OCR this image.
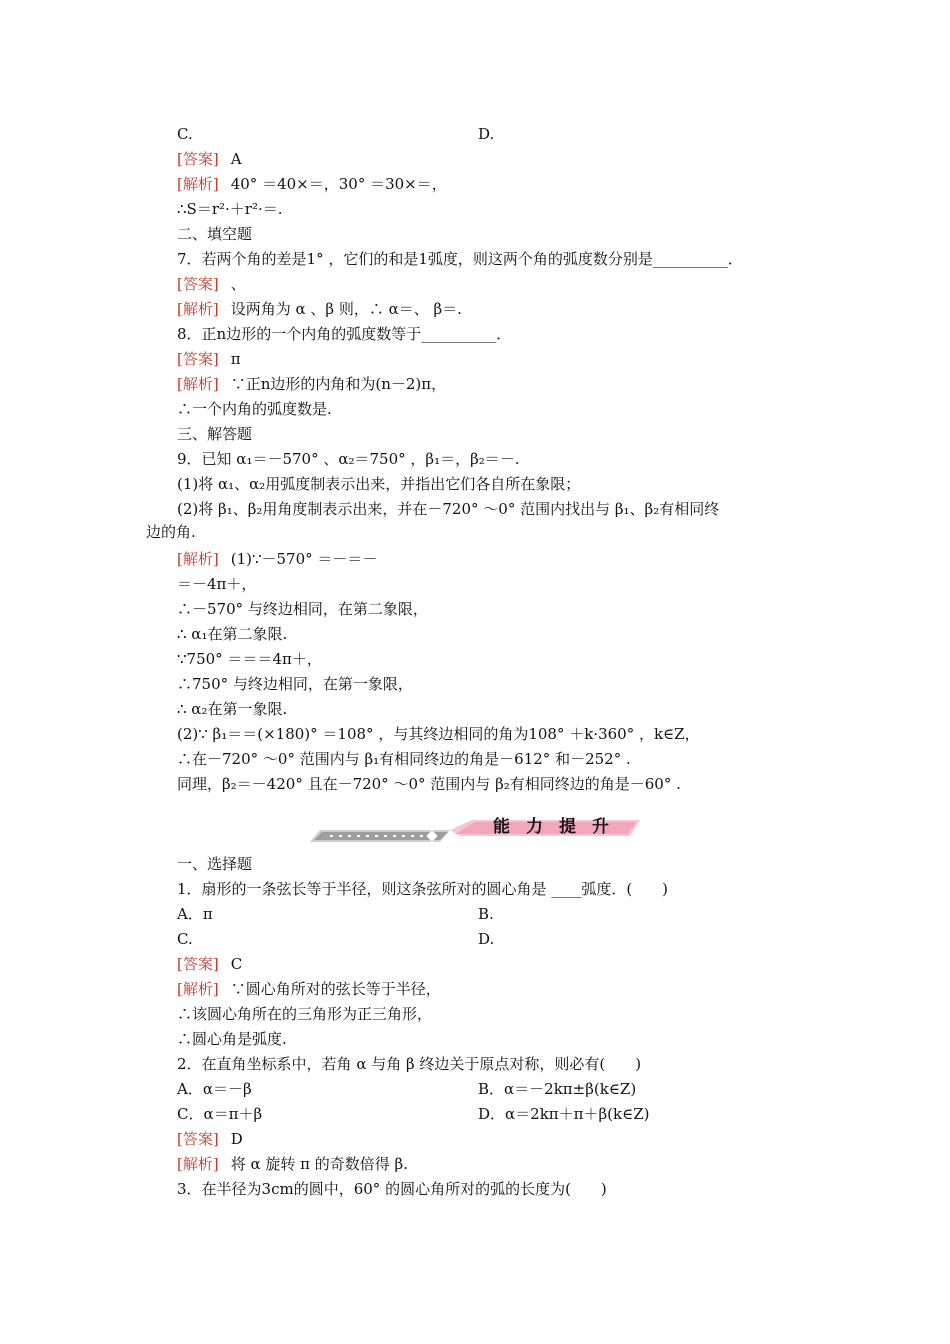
C.	D.
[答案] A
[解析] 40° ＝40×＝，30° ＝30×＝，
∴S＝r²·＋r²·＝.
二、填空题
7．若两个角的差是1° ，它们的和是1弧度，则这两个角的弧度数分别是__________．
[答案] 、
[解析] 设两角为 α 、β 则，∴ α＝、 β＝.
8．正n边形的一个内角的弧度数等于__________．
[答案] π
[解析] ∵正n边形的内角和为(n－2)π，
∴一个内角的弧度数是.
三、解答题
9．已知 α₁＝－570° 、α₂＝750° ，β₁＝，β₂＝－.
(1)将 α₁、α₂用弧度制表示出来，并指出它们各自所在象限；
(2)将 β₁、β₂用角度制表示出来，并在－720° ～0° 范围内找出与 β₁、β₂有相同终
边的角.
[解析] (1)∵－570° ＝－＝－
＝－4π＋，
∴－570° 与终边相同，在第二象限，
∴ α₁在第二象限.
∵750° ＝＝＝4π＋，
∴750° 与终边相同，在第一象限，
∴ α₂在第一象限.
(2)∵ β₁＝＝(×180)° ＝108° ，与其终边相同的角为108° ＋k·360° ，k∈Z，
∴在－720° ～0° 范围内与 β₁有相同终边的角是－612° 和－252° .
同理，β₂＝－420° 且在－720° ～0° 范围内与 β₂有相同终边的角是－60° .
能力提升
一、选择题
1．扇形的一条弦长等于半径，则这条弦所对的圆心角是 ____弧度．(　　)
A．π	B.
C.	D.
[答案] C
[解析] ∵圆心角所对的弦长等于半径，
∴该圆心角所在的三角形为正三角形，
∴圆心角是弧度.
2．在直角坐标系中，若角 α 与角 β 终边关于原点对称，则必有(　　)
A．α＝－β	B．α＝－2kπ±β(k∈Z)
C．α＝π＋β	D．α＝2kπ＋π＋β(k∈Z)
[答案] D
[解析] 将 α 旋转 π 的奇数倍得 β.
3．在半径为3cm的圆中，60° 的圆心角所对的弧的长度为(　　)
